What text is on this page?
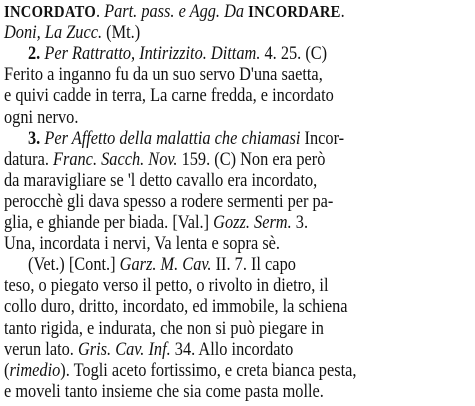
INCORDATO. Part. pass. e Agg. Da INCORDARE.
Doni, La Zucc. (Mt.)
2. Per Rattratto, Intirizzito. Dittam. 4. 25. (C)
Ferito a inganno fu da un suo servo D'una saetta,
e quivi cadde in terra, La carne fredda, e incordato
ogni nervo.
3. Per Affetto della malattia che chiamasi Incor-
datura. Franc. Sacch. Nov. 159. (C) Non era però
da maravigliare se 'l detto cavallo era incordato,
perocchè gli dava spesso a rodere sermenti per pa-
glia, e ghiande per biada. [Val.] Gozz. Serm. 3.
Una, incordata i nervi, Va lenta e sopra sè.
(Vet.) [Cont.] Garz. M. Cav. II. 7. Il capo
teso, o piegato verso il petto, o rivolto in dietro, il
collo duro, dritto, incordato, ed immobile, la schiena
tanto rigida, e indurata, che non si può piegare in
verun lato. Gris. Cav. Inf. 34. Allo incordato
(rimedio). Togli aceto fortissimo, e creta bianca pesta,
e moveli tanto insieme che sia come pasta molle.
